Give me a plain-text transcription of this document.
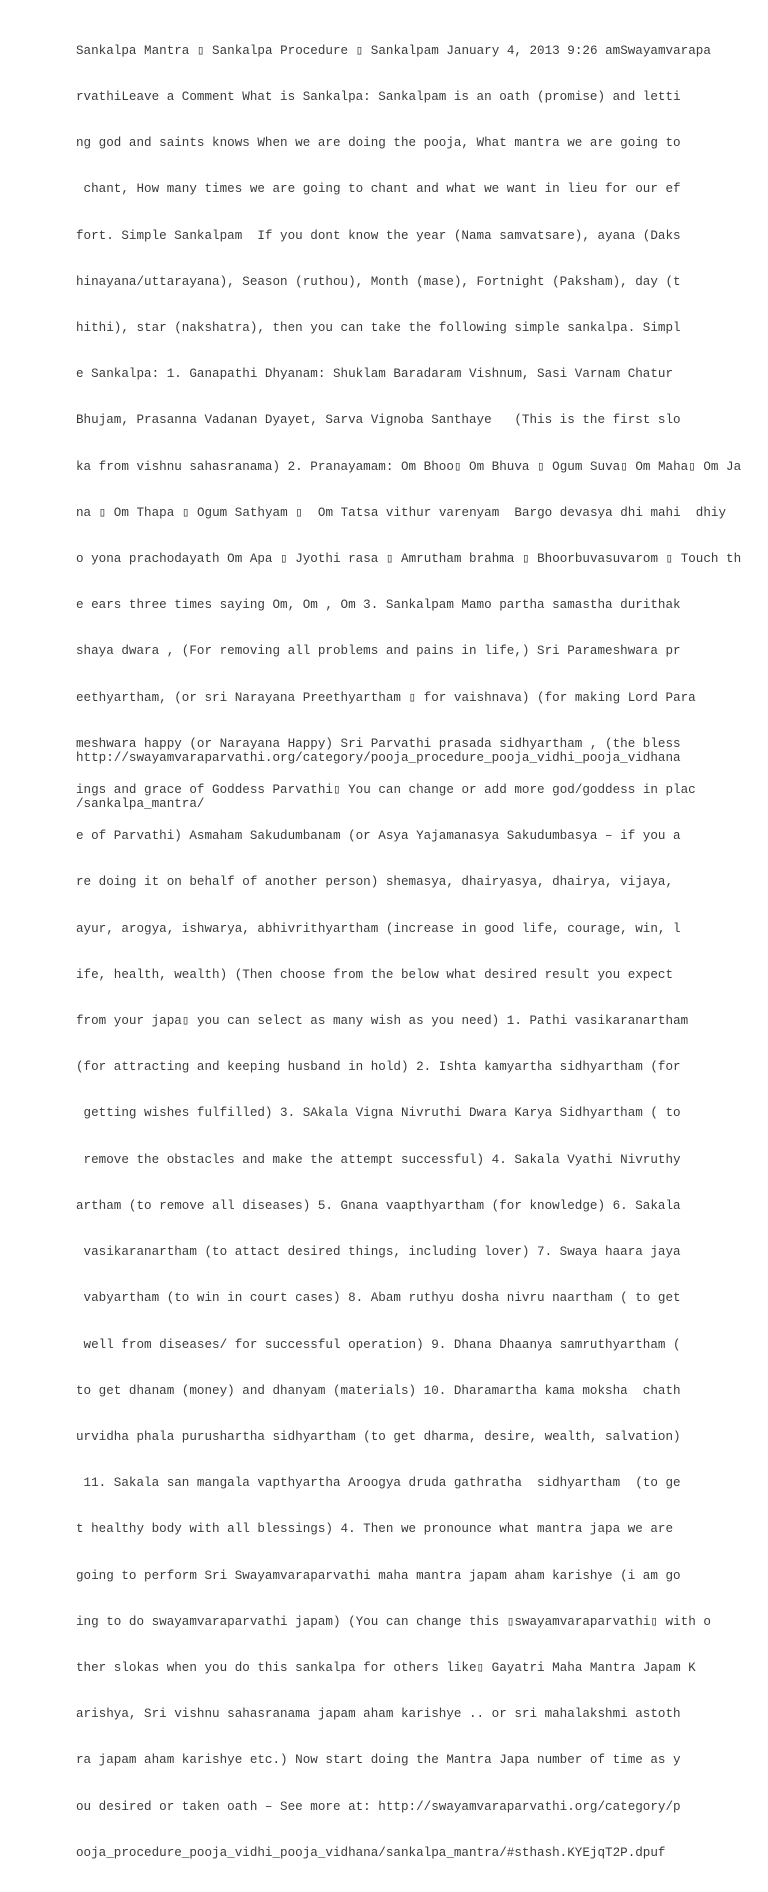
Sankalpa Mantra ▯ Sankalpa Procedure ▯ Sankalpam January 4, 2013 9:26 amSwayamvarapa

rvathiLeave a Comment What is Sankalpa: Sankalpam is an oath (promise) and letti

ng god and saints knows When we are doing the pooja, What mantra we are going to

chant, How many times we are going to chant and what we want in lieu for our ef

fort. Simple Sankalpam  If you dont know the year (Nama samvatsare), ayana (Daks

hinayana/uttarayana), Season (ruthou), Month (mase), Fortnight (Paksham), day (t

hithi), star (nakshatra), then you can take the following simple sankalpa. Simpl

e Sankalpa: 1. Ganapathi Dhyanam: Shuklam Baradaram Vishnum, Sasi Varnam Chatur

Bhujam, Prasanna Vadanan Dyayet, Sarva Vignoba Santhaye   (This is the first slo

ka from vishnu sahasranama) 2. Pranayamam: Om Bhoo▯ Om Bhuva ▯ Ogum Suva▯ Om Maha▯ Om Ja

na ▯ Om Thapa ▯ Ogum Sathyam ▯  Om Tatsa vithur varenyam  Bargo devasya dhi mahi  dhiy

o yona prachodayath Om Apa ▯ Jyothi rasa ▯ Amrutham brahma ▯ Bhoorbuvasuvarom ▯ Touch th

e ears three times saying Om, Om , Om 3. Sankalpam Mamo partha samastha durithak

shaya dwara , (For removing all problems and pains in life,) Sri Parameshwara pr

eethyartham, (or sri Narayana Preethyartham ▯ for vaishnava) (for making Lord Para

meshwara happy (or Narayana Happy) Sri Parvathi prasada sidhyartham , (the bless

ings and grace of Goddess Parvathi▯ You can change or add more god/goddess in plac

e of Parvathi) Asmaham Sakudumbanam (or Asya Yajamanasya Sakudumbasya – if you a

re doing it on behalf of another person) shemasya, dhairyasya, dhairya, vijaya,

ayur, arogya, ishwarya, abhivrithyartham (increase in good life, courage, win, l

ife, health, wealth) (Then choose from the below what desired result you expect

from your japa▯ you can select as many wish as you need) 1. Pathi vasikaranartham

(for attracting and keeping husband in hold) 2. Ishta kamyartha sidhyartham (for

getting wishes fulfilled) 3. SAkala Vigna Nivruthi Dwara Karya Sidhyartham ( to

remove the obstacles and make the attempt successful) 4. Sakala Vyathi Nivruthy

artham (to remove all diseases) 5. Gnana vaapthyartham (for knowledge) 6. Sakala

vasikaranartham (to attact desired things, including lover) 7. Swaya haara jaya

vabyartham (to win in court cases) 8. Abam ruthyu dosha nivru naartham ( to get

well from diseases/ for successful operation) 9. Dhana Dhaanya samruthyartham (

to get dhanam (money) and dhanyam (materials) 10. Dharamartha kama moksha  chath

urvidha phala purushartha sidhyartham (to get dharma, desire, wealth, salvation)

11. Sakala san mangala vapthyartha Aroogya druda gathratha  sidhyartham  (to ge

t healthy body with all blessings) 4. Then we pronounce what mantra japa we are

going to perform Sri Swayamvaraparvathi maha mantra japam aham karishye (i am go

ing to do swayamvaraparvathi japam) (You can change this ▯swayamvaraparvathi▯ with o

ther slokas when you do this sankalpa for others like▯ Gayatri Maha Mantra Japam K

arishya, Sri vishnu sahasranama japam aham karishye .. or sri mahalakshmi astoth

ra japam aham karishye etc.) Now start doing the Mantra Japa number of time as y

ou desired or taken oath – See more at: http://swayamvaraparvathi.org/category/p

ooja_procedure_pooja_vidhi_pooja_vidhana/sankalpa_mantra/#sthash.KYEjqT2P.dpuf

http://swayamvaraparvathi.org/category/pooja_procedure_pooja_vidhi_pooja_vidhana

/sankalpa_mantra/
